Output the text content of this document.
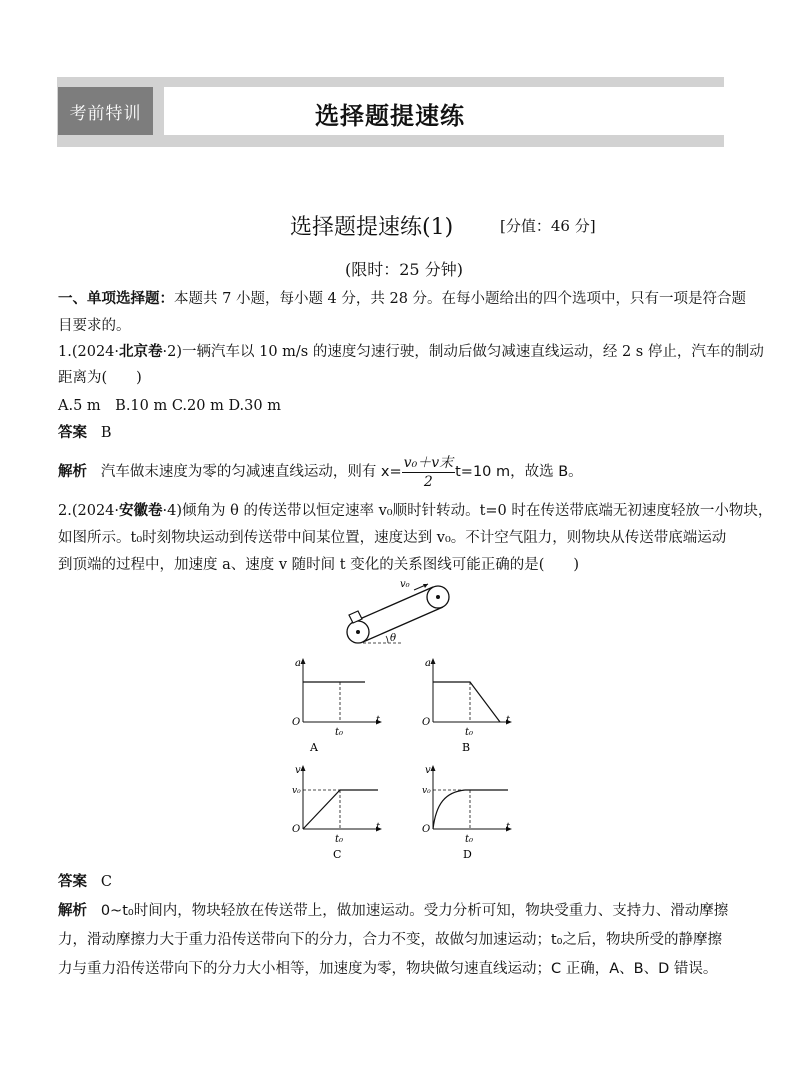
考前特训	选择题提速练
选择题提速练(1)	[分值：46 分]
(限时：25 分钟)
一、单项选择题：本题共 7 小题，每小题 4 分，共 28 分。在每小题给出的四个选项中，只有一项是符合题
目要求的。
1.(2024·北京卷·2)一辆汽车以 10 m/s 的速度匀速行驶，制动后做匀减速直线运动，经 2 s 停止，汽车的制动
距离为(　　)
A.5 m　B.10 m C.20 m D.30 m
答案 B
解析
汽车做末速度为零的匀减速直线运动，则有 $x= \frac{\text{v₀＋v末}}{2} t=10$ m，故选 B。
2.(2024·安徽卷·4)倾角为 θ 的传送带以恒定速率 v₀顺时针转动。t=0 时在传送带底端无初速度轻放一小物块，
如图所示。t₀时刻物块运动到传送带中间某位置，速度达到 v₀。不计空气阻力，则物块从传送带底端运动
到顶端的过程中，加速度 a、速度 v 随时间 t 变化的关系图线可能正确的是(　　)
v₀
θ
a
O	t
t₀
A
a
O	t
t₀
B
v
v₀
O	t
t₀
C
v
v₀
O	t
t₀
D
答案 C
解析 0~t₀时间内，物块轻放在传送带上，做加速运动。受力分析可知，物块受重力、支持力、滑动摩擦
力，滑动摩擦力大于重力沿传送带向下的分力，合力不变，故做匀加速运动；t₀之后，物块所受的静摩擦
力与重力沿传送带向下的分力大小相等，加速度为零，物块做匀速直线运动；C 正确，A、B、D 错误。
